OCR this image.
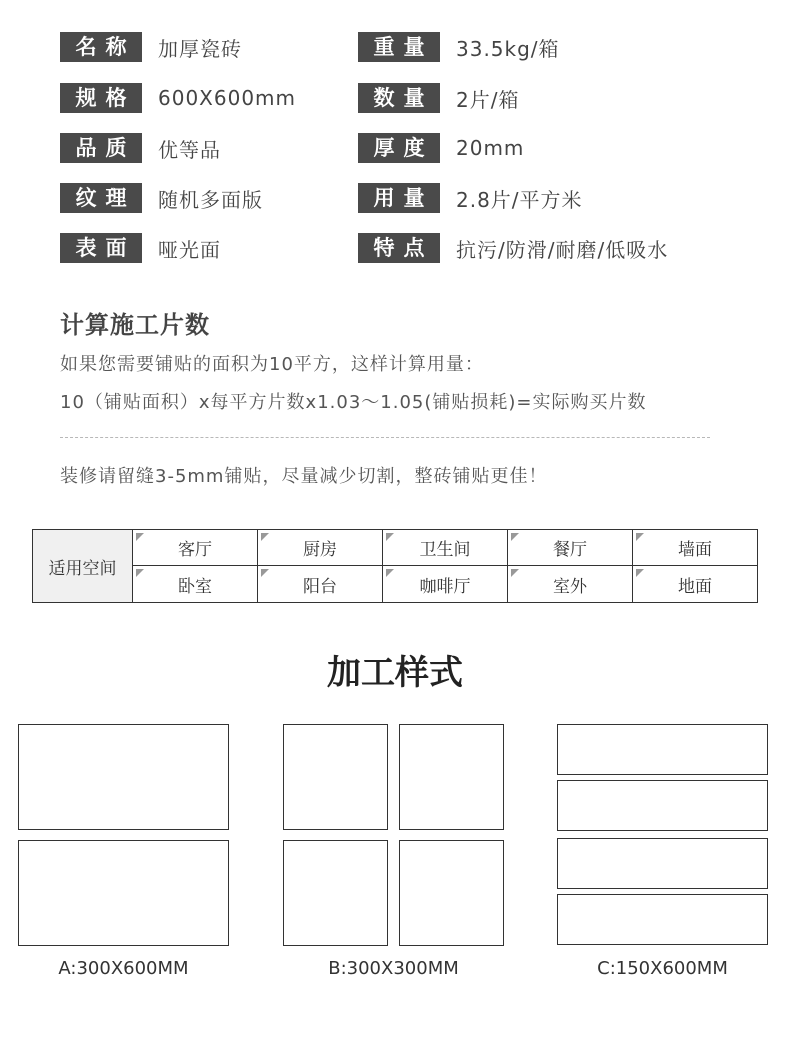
名称	加厚瓷砖	重量	33.5kg/箱
规格	600X600mm	数量	2片/箱
品质	优等品	厚度	20mm
纹理	随机多面版	用量	2.8片/平方米
表面	哑光面	特点	抗污/防滑/耐磨/低吸水
计算施工片数
如果您需要铺贴的面积为10平方，这样计算用量：
10（铺贴面积）x每平方片数x1.03～1.05(铺贴损耗)=实际购买片数
装修请留缝3-5mm铺贴，尽量减少切割，整砖铺贴更佳！
适用空间
客厅	厨房	卫生间	餐厅	墙面
卧室	阳台	咖啡厅	室外	地面
加工样式
A:300X600MM	B:300X300MM	C:150X600MM
